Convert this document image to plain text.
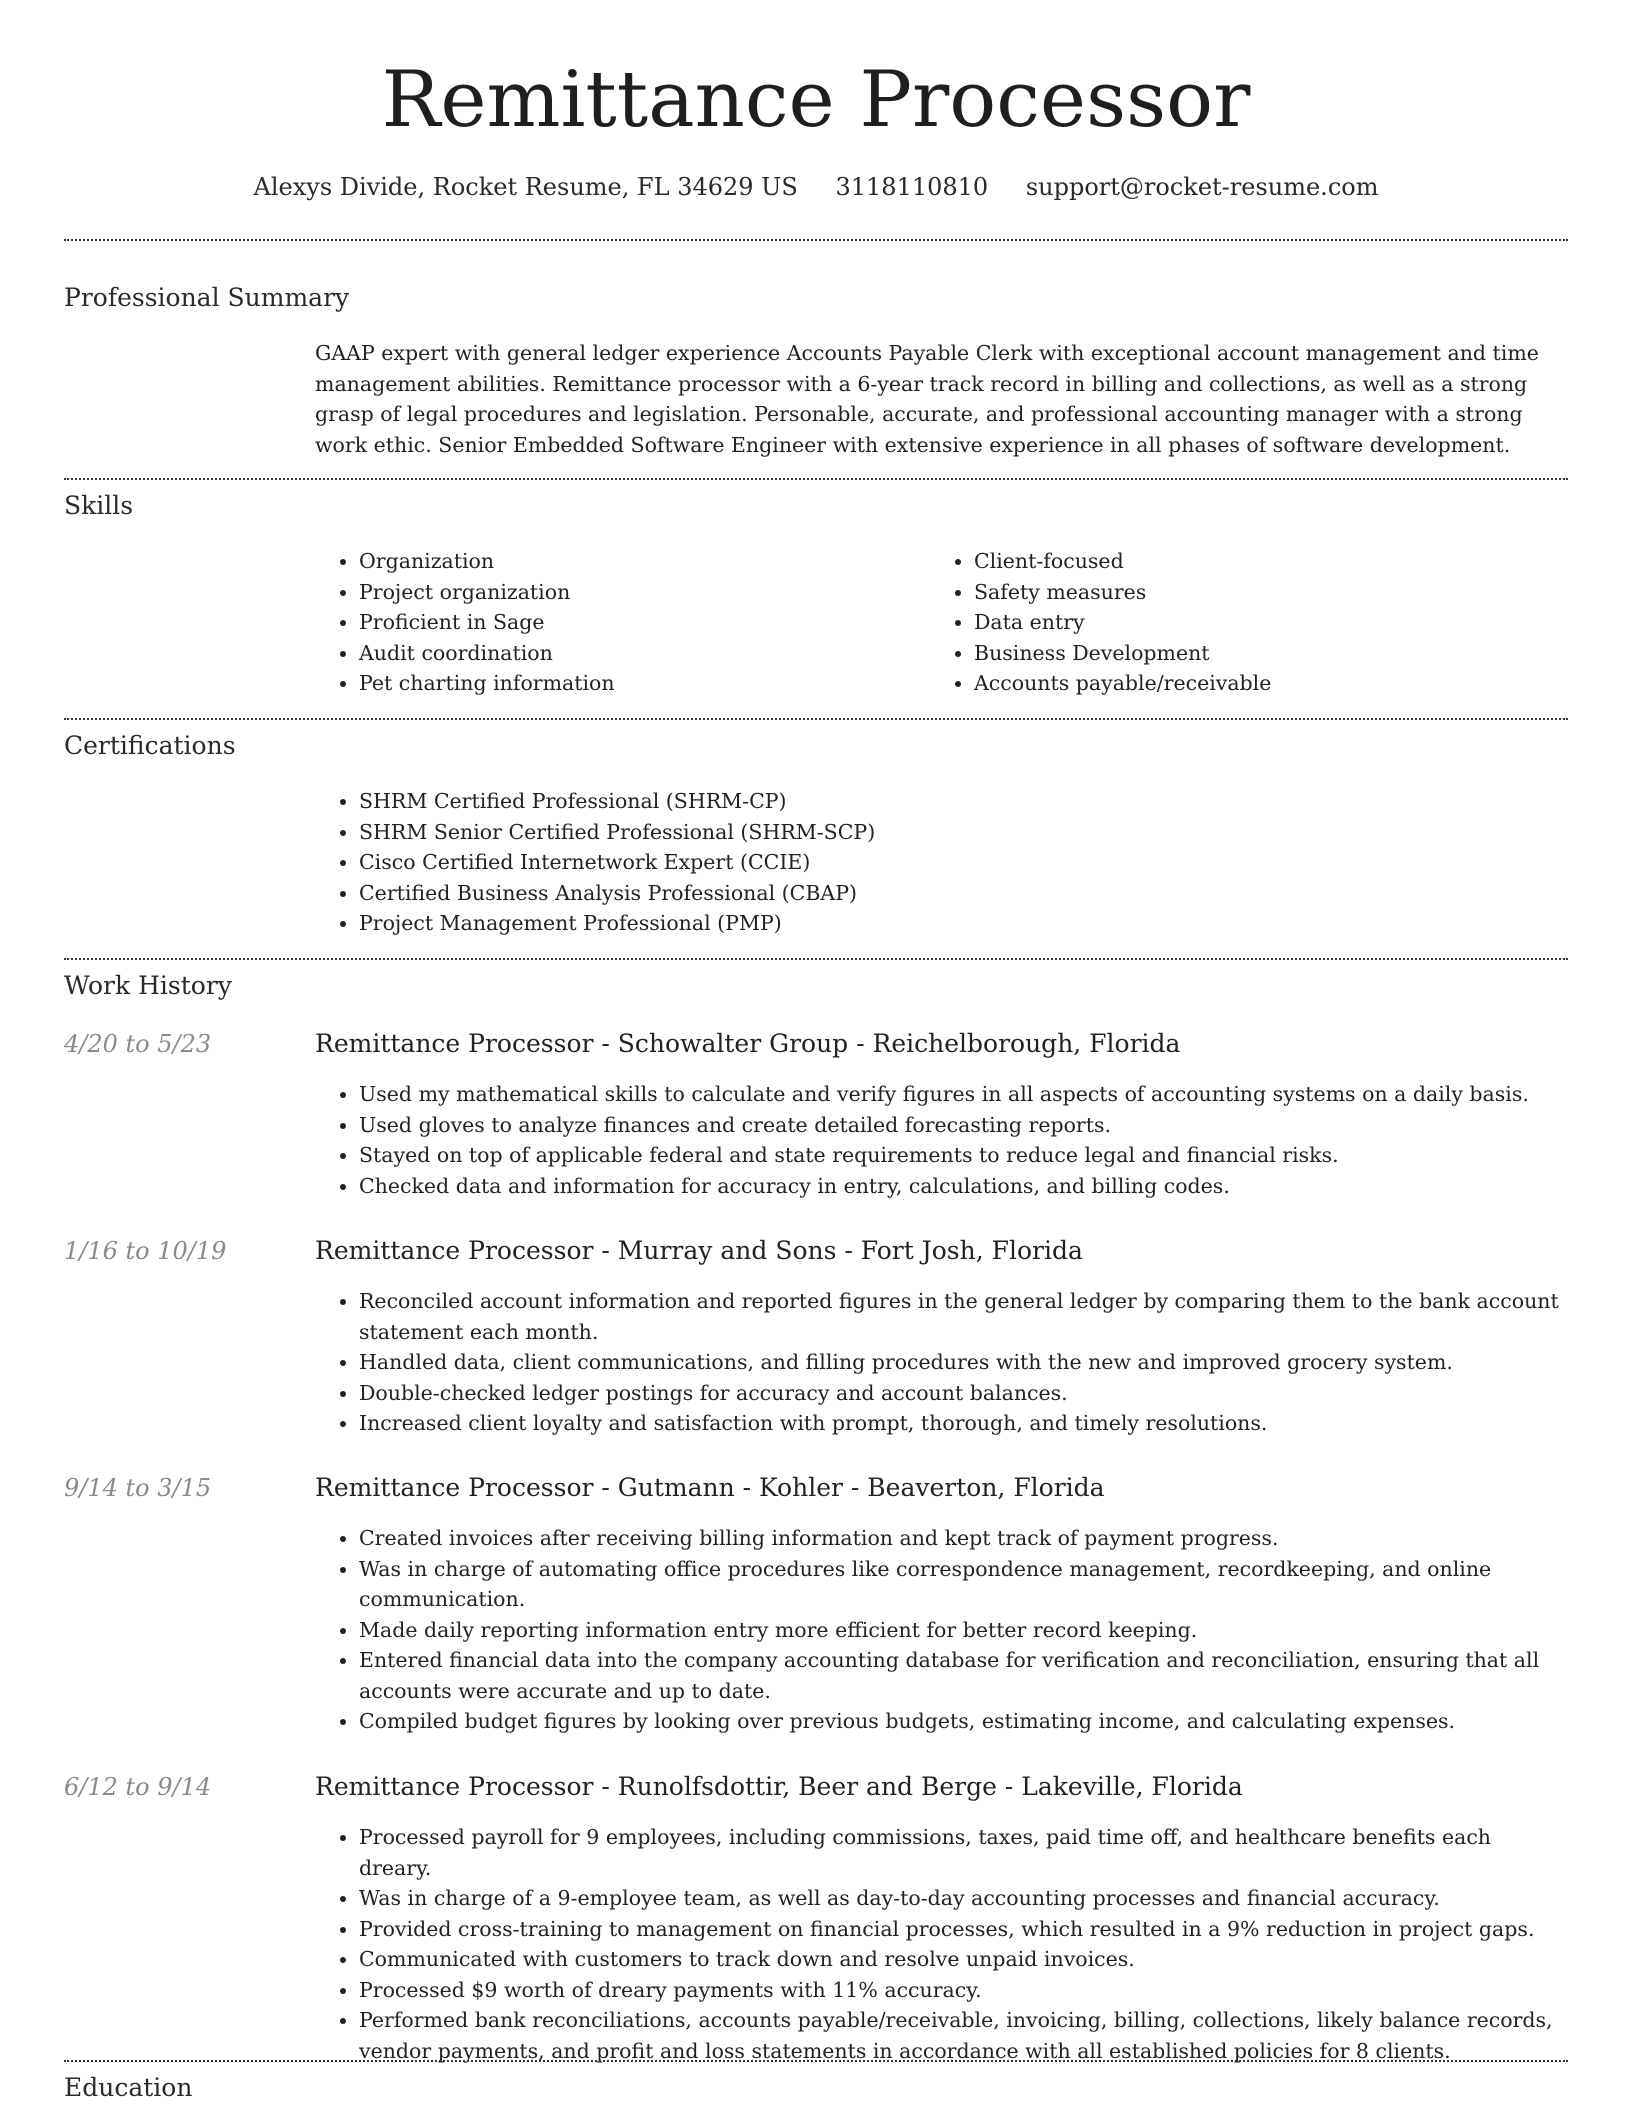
Remittance Processor
Alexys Divide, Rocket Resume, FL 34629 US 3118110810 support@rocket-resume.com
Professional Summary

GAAP expert with general ledger experience Accounts Payable Clerk with exceptional account management and time management abilities. Remittance processor with a 6-year track record in billing and collections, as well as a strong grasp of legal procedures and legislation. Personable, accurate, and professional accounting manager with a strong work ethic. Senior Embedded Software Engineer with extensive experience in all phases of software development.

Skills
• Organization
• Project organization
• Proficient in Sage
• Audit coordination
• Pet charting information
• Client-focused
• Safety measures
• Data entry
• Business Development
• Accounts payable/receivable
Certifications
• SHRM Certified Professional (SHRM-CP)
• SHRM Senior Certified Professional (SHRM-SCP)
• Cisco Certified Internetwork Expert (CCIE)
• Certified Business Analysis Professional (CBAP)
• Project Management Professional (PMP)
Work History
4/20 to 5/23	Remittance Processor - Schowalter Group - Reichelborough, Florida
• Used my mathematical skills to calculate and verify figures in all aspects of accounting systems on a daily basis.
• Used gloves to analyze finances and create detailed forecasting reports.
• Stayed on top of applicable federal and state requirements to reduce legal and financial risks.
• Checked data and information for accuracy in entry, calculations, and billing codes.
1/16 to 10/19	Remittance Processor - Murray and Sons - Fort Josh, Florida
• Reconciled account information and reported figures in the general ledger by comparing them to the bank account statement each month.
• Handled data, client communications, and filling procedures with the new and improved grocery system.
• Double-checked ledger postings for accuracy and account balances.
• Increased client loyalty and satisfaction with prompt, thorough, and timely resolutions.
9/14 to 3/15	Remittance Processor - Gutmann - Kohler - Beaverton, Florida
• Created invoices after receiving billing information and kept track of payment progress.
• Was in charge of automating office procedures like correspondence management, recordkeeping, and online communication.
• Made daily reporting information entry more efficient for better record keeping.
• Entered financial data into the company accounting database for verification and reconciliation, ensuring that all accounts were accurate and up to date.
• Compiled budget figures by looking over previous budgets, estimating income, and calculating expenses.
6/12 to 9/14	Remittance Processor - Runolfsdottir, Beer and Berge - Lakeville, Florida
• Processed payroll for 9 employees, including commissions, taxes, paid time off, and healthcare benefits each dreary.
• Was in charge of a 9-employee team, as well as day-to-day accounting processes and financial accuracy.
• Provided cross-training to management on financial processes, which resulted in a 9% reduction in project gaps.
• Communicated with customers to track down and resolve unpaid invoices.
• Processed $9 worth of dreary payments with 11% accuracy.
• Performed bank reconciliations, accounts payable/receivable, invoicing, billing, collections, likely balance records, vendor payments, and profit and loss statements in accordance with all established policies for 8 clients.
Education
